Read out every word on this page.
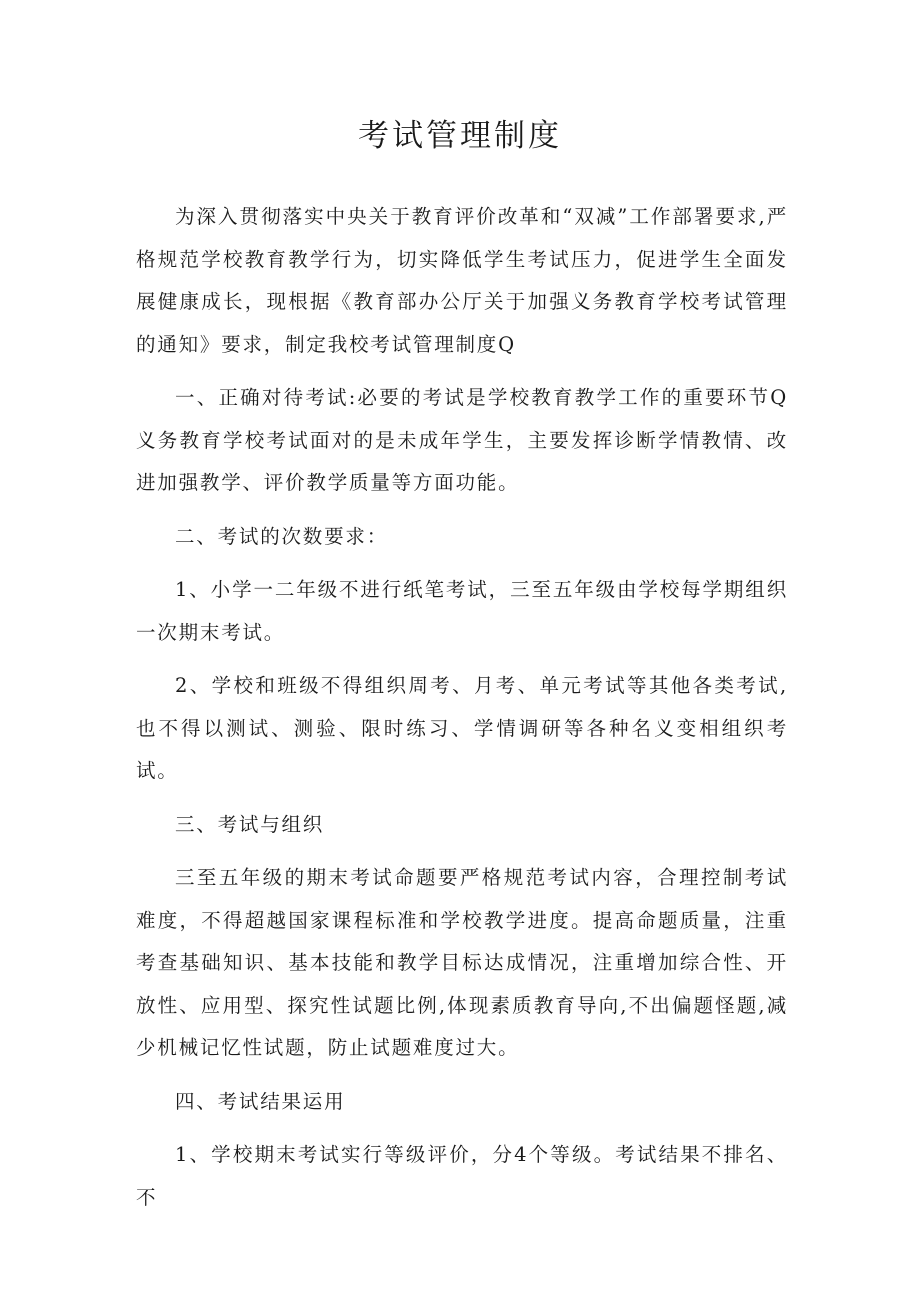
考试管理制度

为深入贯彻落实中央关于教育评价改革和“双减”工作部署要求,严格规范学校教育教学行为，切实降低学生考试压力，促进学生全面发展健康成长，现根据《教育部办公厅关于加强义务教育学校考试管理的通知》要求，制定我校考试管理制度Q

一、正确对待考试:必要的考试是学校教育教学工作的重要环节Q义务教育学校考试面对的是未成年学生，主要发挥诊断学情教情、改进加强教学、评价教学质量等方面功能。

二、考试的次数要求：

1、小学一二年级不进行纸笔考试，三至五年级由学校每学期组织一次期末考试。

2、学校和班级不得组织周考、月考、单元考试等其他各类考试,也不得以测试、测验、限时练习、学情调研等各种名义变相组织考试。

三、考试与组织

三至五年级的期末考试命题要严格规范考试内容，合理控制考试难度，不得超越国家课程标准和学校教学进度。提高命题质量，注重考查基础知识、基本技能和教学目标达成情况，注重增加综合性、开放性、应用型、探究性试题比例,体现素质教育导向,不出偏题怪题,减少机械记忆性试题，防止试题难度过大。

四、考试结果运用

1、学校期末考试实行等级评价，分4个等级。考试结果不排名、不
